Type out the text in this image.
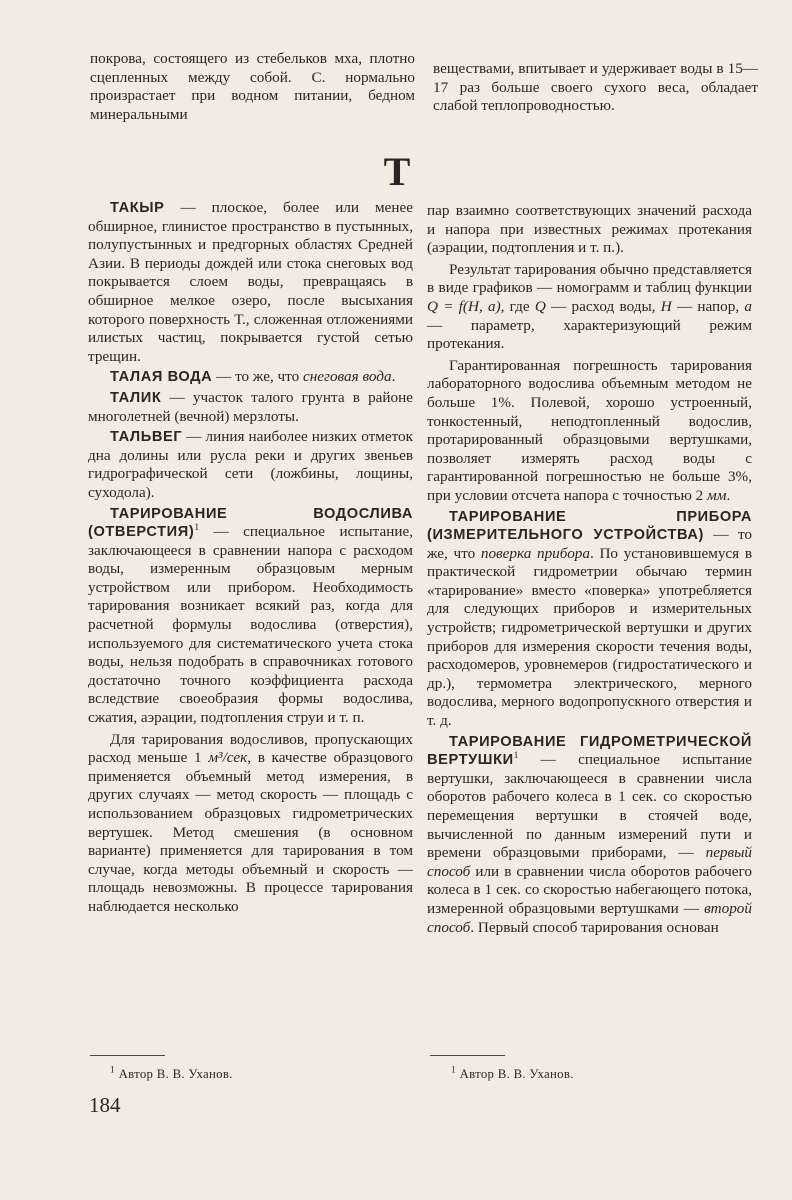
покрова, состоящего из стебельков мха, плотно сцепленных между собой. С. нормально произрастает при водном питании, бедном минеральными

веществами, впитывает и удерживает воды в 15—17 раз больше своего сухого веса, обладает слабой теплопроводностью.

Т

ТАКЫР — плоское, более или менее обширное, глинистое пространство в пустынных, полупустынных и предгорных областях Средней Азии. В периоды дождей или стока снеговых вод покрывается слоем воды, превращаясь в обширное мелкое озеро, после высыхания которого поверхность Т., сложенная отложениями илистых частиц, покрывается густой сетью трещин.

ТАЛАЯ ВОДА — то же, что снеговая вода.

ТАЛИК — участок талого грунта в районе многолетней (вечной) мерзлоты.

ТАЛЬВЕГ — линия наиболее низких отметок дна долины или русла реки и других звеньев гидрографической сети (ложбины, лощины, суходола).

ТАРИРОВАНИЕ ВОДОСЛИВА (ОТВЕРСТИЯ)$^1$ — специальное испытание, заключающееся в сравнении напора с расходом воды, измеренным образцовым мерным устройством или прибором. Необходимость тарирования возникает всякий раз, когда для расчетной формулы водослива (отверстия), используемого для систематического учета стока воды, нельзя подобрать в справочниках готового достаточно точного коэффициента расхода вследствие своеобразия формы водослива, сжатия, аэрации, подтопления струи и т. п.

Для тарирования водосливов, пропускающих расход меньше 1 м³/сек, в качестве образцового применяется объемный метод измерения, в других случаях — метод скорость — площадь с использованием образцовых гидрометрических вертушек. Метод смешения (в основном варианте) применяется для тарирования в том случае, когда методы объемный и скорость — площадь невозможны. В процессе тарирования наблюдается несколько

пар взаимно соответствующих значений расхода и напора при известных режимах протекания (аэрации, подтопления и т. п.).

Результат тарирования обычно представляется в виде графиков — номограмм и таблиц функции Q = f(H, a), где Q — расход воды, H — напор, a — параметр, характеризующий режим протекания.

Гарантированная погрешность тарирования лабораторного водослива объемным методом не больше 1%. Полевой, хорошо устроенный, тонкостенный, неподтопленный водослив, протарированный образцовыми вертушками, позволяет измерять расход воды с гарантированной погрешностью не больше 3%, при условии отсчета напора с точностью 2 мм.

ТАРИРОВАНИЕ ПРИБОРА (ИЗМЕРИТЕЛЬНОГО УСТРОЙСТВА) — то же, что поверка прибора. По установившемуся в практической гидрометрии обычаю термин «тарирование» вместо «поверка» употребляется для следующих приборов и измерительных устройств; гидрометрической вертушки и других приборов для измерения скорости течения воды, расходомеров, уровнемеров (гидростатического и др.), термометра электрического, мерного водослива, мерного водопропускного отверстия и т. д.

ТАРИРОВАНИЕ ГИДРОМЕТРИЧЕСКОЙ ВЕРТУШКИ$^1$ — специальное испытание вертушки, заключающееся в сравнении числа оборотов рабочего колеса в 1 сек. со скоростью перемещения вертушки в стоячей воде, вычисленной по данным измерений пути и времени образцовыми приборами, — первый способ или в сравнении числа оборотов рабочего колеса в 1 сек. со скоростью набегающего потока, измеренной образцовыми вертушками — второй способ. Первый способ тарирования основан

$^1$ Автор В. В. Уханов.	$^1$ Автор В. В. Уханов.
184
